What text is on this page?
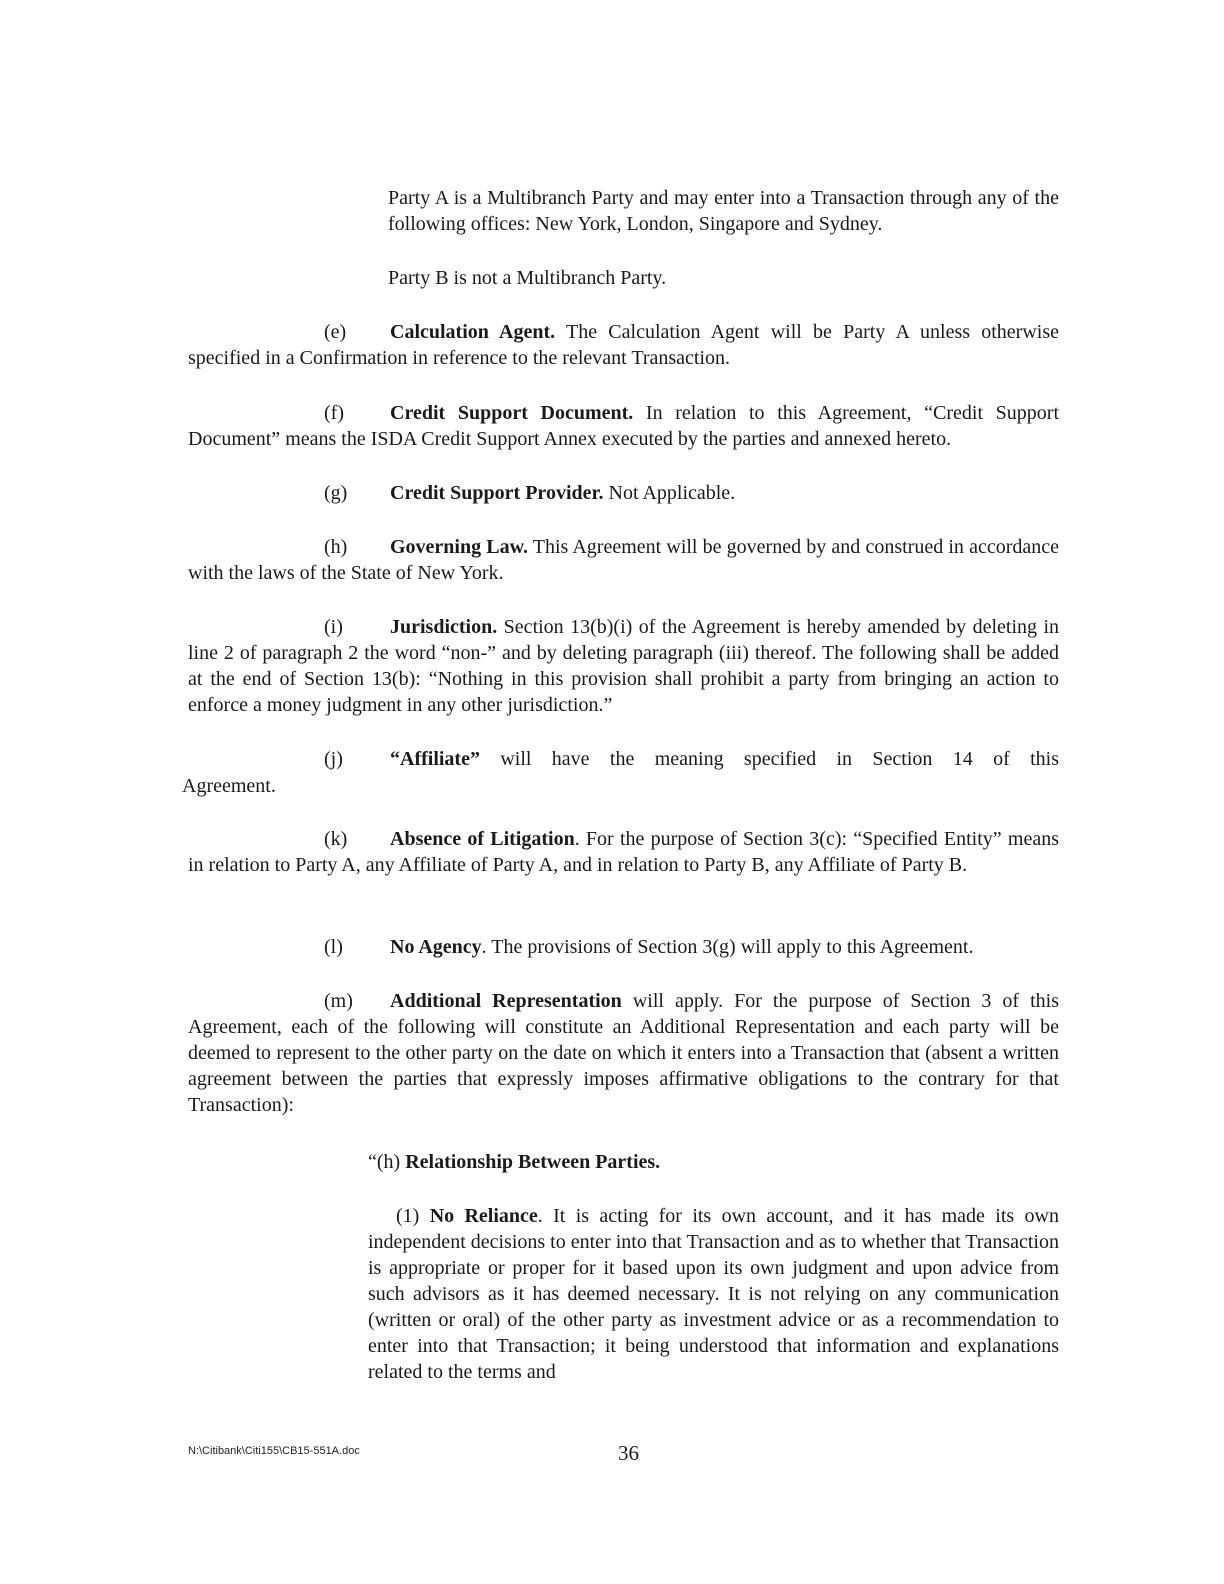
Party A is a Multibranch Party and may enter into a Transaction through any of the following offices: New York, London, Singapore and Sydney.
Party B is not a Multibranch Party.
(e) Calculation Agent. The Calculation Agent will be Party A unless otherwise specified in a Confirmation in reference to the relevant Transaction.
(f) Credit Support Document. In relation to this Agreement, “Credit Support Document” means the ISDA Credit Support Annex executed by the parties and annexed hereto.
(g) Credit Support Provider. Not Applicable.
(h) Governing Law. This Agreement will be governed by and construed in accordance with the laws of the State of New York.
(i) Jurisdiction. Section 13(b)(i) of the Agreement is hereby amended by deleting in line 2 of paragraph 2 the word “non-” and by deleting paragraph (iii) thereof. The following shall be added at the end of Section 13(b): “Nothing in this provision shall prohibit a party from bringing an action to enforce a money judgment in any other jurisdiction.”
(j) “Affiliate” will have the meaning specified in Section 14 of this
Agreement.
(k) Absence of Litigation. For the purpose of Section 3(c): “Specified Entity” means in relation to Party A, any Affiliate of Party A, and in relation to Party B, any Affiliate of Party B.
(l) No Agency. The provisions of Section 3(g) will apply to this Agreement.
(m) Additional Representation will apply. For the purpose of Section 3 of this Agreement, each of the following will constitute an Additional Representation and each party will be deemed to represent to the other party on the date on which it enters into a Transaction that (absent a written agreement between the parties that expressly imposes affirmative obligations to the contrary for that Transaction):
“(h) Relationship Between Parties.
(1) No Reliance. It is acting for its own account, and it has made its own independent decisions to enter into that Transaction and as to whether that Transaction is appropriate or proper for it based upon its own judgment and upon advice from such advisors as it has deemed necessary. It is not relying on any communication (written or oral) of the other party as investment advice or as a recommendation to enter into that Transaction; it being understood that information and explanations related to the terms and
N:\Citibank\Citi155\CB15-551A.doc	36
